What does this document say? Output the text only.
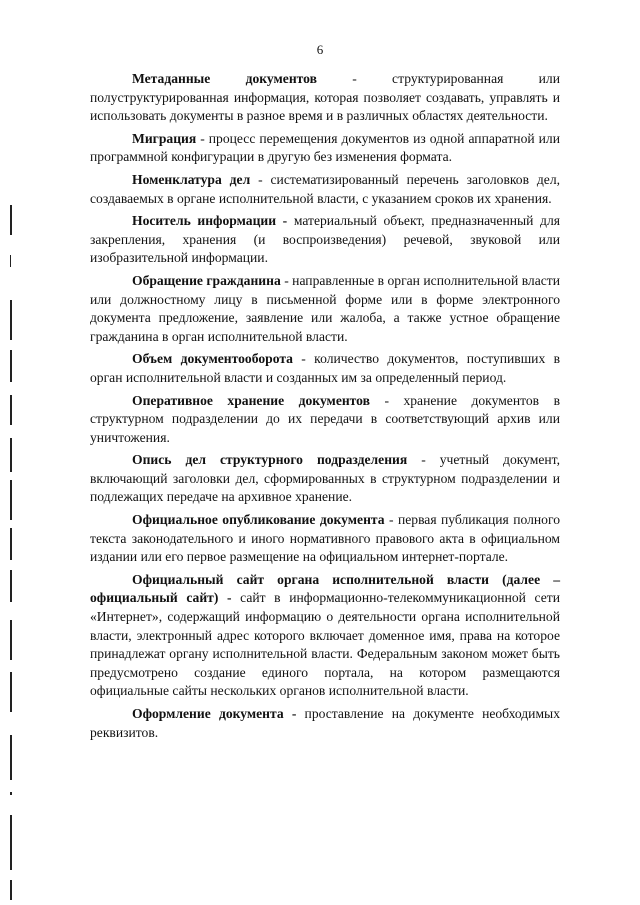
6

Метаданные документов - структурированная или полуструктурированная информация, которая позволяет создавать, управлять и использовать документы в разное время и в различных областях деятельности.

Миграция - процесс перемещения документов из одной аппаратной или программной конфигурации в другую без изменения формата.

Номенклатура дел - систематизированный перечень заголовков дел, создаваемых в органе исполнительной власти, с указанием сроков их хранения.

Носитель информации - материальный объект, предназначенный для закрепления, хранения (и воспроизведения) речевой, звуковой или изобразительной информации.

Обращение гражданина - направленные в орган исполнительной власти или должностному лицу в письменной форме или в форме электронного документа предложение, заявление или жалоба, а также устное обращение гражданина в орган исполнительной власти.

Объем документооборота - количество документов, поступивших в орган исполнительной власти и созданных им за определенный период.

Оперативное хранение документов - хранение документов в структурном подразделении до их передачи в соответствующий архив или уничтожения.

Опись дел структурного подразделения - учетный документ, включающий заголовки дел, сформированных в структурном подразделении и подлежащих передаче на архивное хранение.

Официальное опубликование документа - первая публикация полного текста законодательного и иного нормативного правового акта в официальном издании или его первое размещение на официальном интернет-портале.

Официальный сайт органа исполнительной власти (далее – официальный сайт) - сайт в информационно-телекоммуникационной сети «Интернет», содержащий информацию о деятельности органа исполнительной власти, электронный адрес которого включает доменное имя, права на которое принадлежат органу исполнительной власти. Федеральным законом может быть предусмотрено создание единого портала, на котором размещаются официальные сайты нескольких органов исполнительной власти.

Оформление документа - проставление на документе необходимых реквизитов.
